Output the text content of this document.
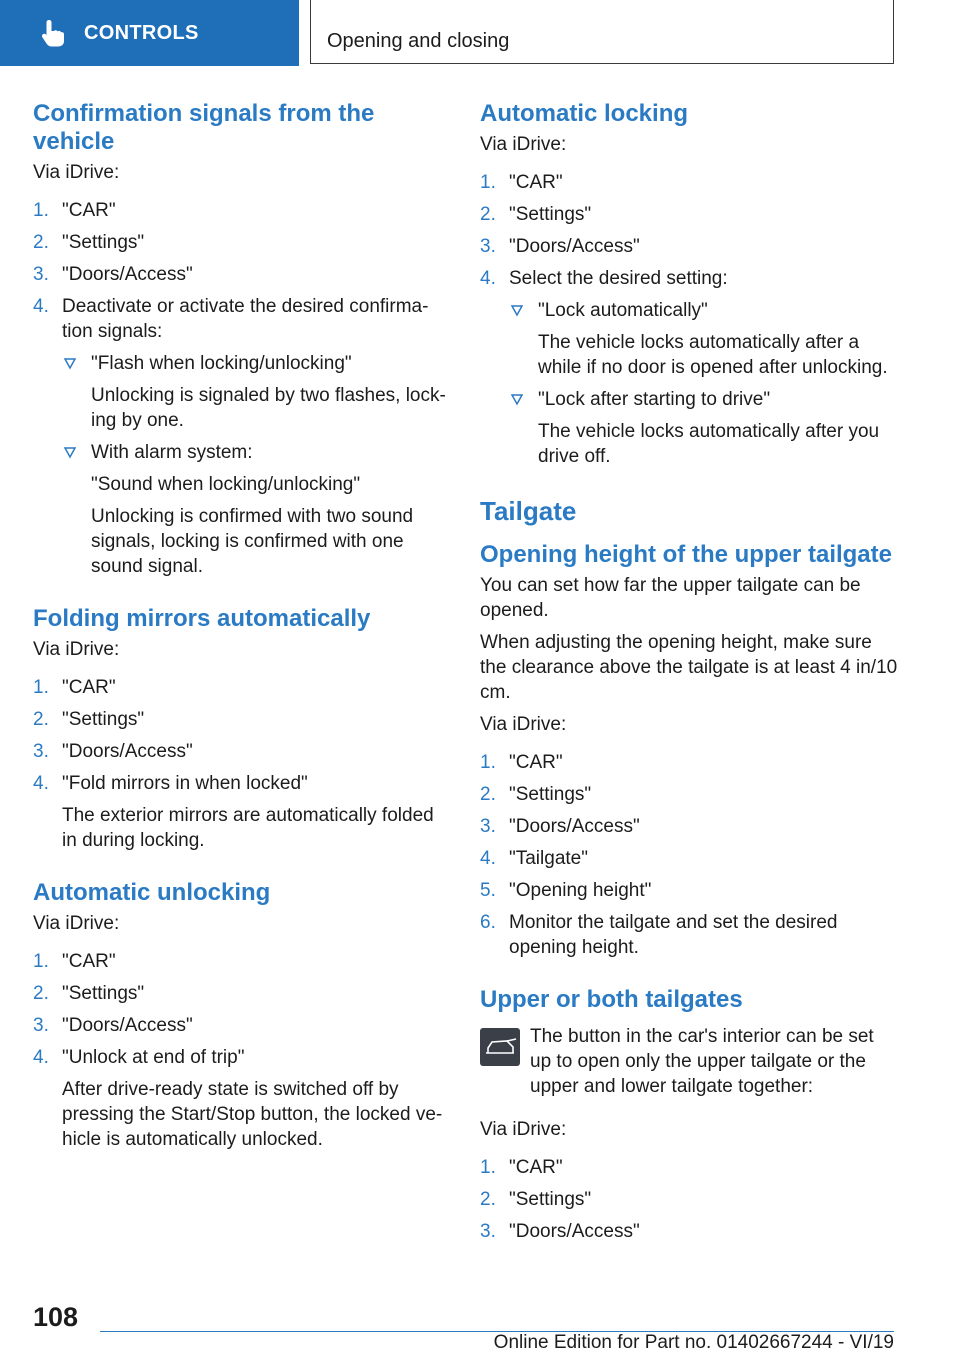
CONTROLS	Opening and closing
Confirmation signals from the vehicle
Via iDrive:
1. "CAR"
2. "Settings"
3. "Doors/Access"
4. Deactivate or activate the desired confirmation signals:
"Flash when locking/unlocking"
Unlocking is signaled by two flashes, locking by one.
With alarm system:
"Sound when locking/unlocking"
Unlocking is confirmed with two sound signals, locking is confirmed with one sound signal.
Folding mirrors automatically
Via iDrive:
1. "CAR"
2. "Settings"
3. "Doors/Access"
4. "Fold mirrors in when locked"
The exterior mirrors are automatically folded in during locking.
Automatic unlocking
Via iDrive:
1. "CAR"
2. "Settings"
3. "Doors/Access"
4. "Unlock at end of trip"
After drive-ready state is switched off by pressing the Start/Stop button, the locked vehicle is automatically unlocked.
Automatic locking
Via iDrive:
1. "CAR"
2. "Settings"
3. "Doors/Access"
4. Select the desired setting:
"Lock automatically"
The vehicle locks automatically after a while if no door is opened after unlocking.
"Lock after starting to drive"
The vehicle locks automatically after you drive off.
Tailgate
Opening height of the upper tailgate
You can set how far the upper tailgate can be opened.
When adjusting the opening height, make sure the clearance above the tailgate is at least 4 in/10 cm.
Via iDrive:
1. "CAR"
2. "Settings"
3. "Doors/Access"
4. "Tailgate"
5. "Opening height"
6. Monitor the tailgate and set the desired opening height.
Upper or both tailgates
The button in the car's interior can be set up to open only the upper tailgate or the upper and lower tailgate together:
Via iDrive:
1. "CAR"
2. "Settings"
3. "Doors/Access"
108
Online Edition for Part no. 01402667244 - VI/19
